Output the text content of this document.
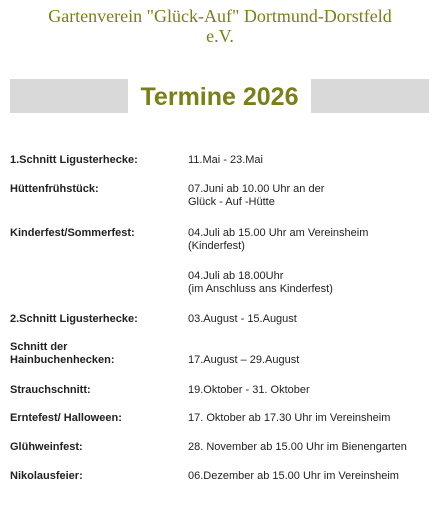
Gartenverein "Glück-Auf" Dortmund-Dorstfeld
e.V.
Termine 2026
1.Schnitt Ligusterhecke:	11.Mai - 23.Mai
Hüttenfrühstück:	07.Juni ab 10.00 Uhr an der
Glück - Auf -Hütte
Kinderfest/Sommerfest:	04.Juli ab 15.00 Uhr am Vereinsheim
(Kinderfest)
04.Juli ab 18.00Uhr
(im Anschluss ans Kinderfest)
2.Schnitt Ligusterhecke:	03.August - 15.August
Schnitt der
Hainbuchenhecken:	17.August – 29.August
Strauchschnitt:	19.Oktober - 31. Oktober
Erntefest/ Halloween:	17. Oktober ab 17.30 Uhr im Vereinsheim
Glühweinfest:	28. November ab 15.00 Uhr im Bienengarten
Nikolausfeier:	06.Dezember ab 15.00 Uhr im Vereinsheim
